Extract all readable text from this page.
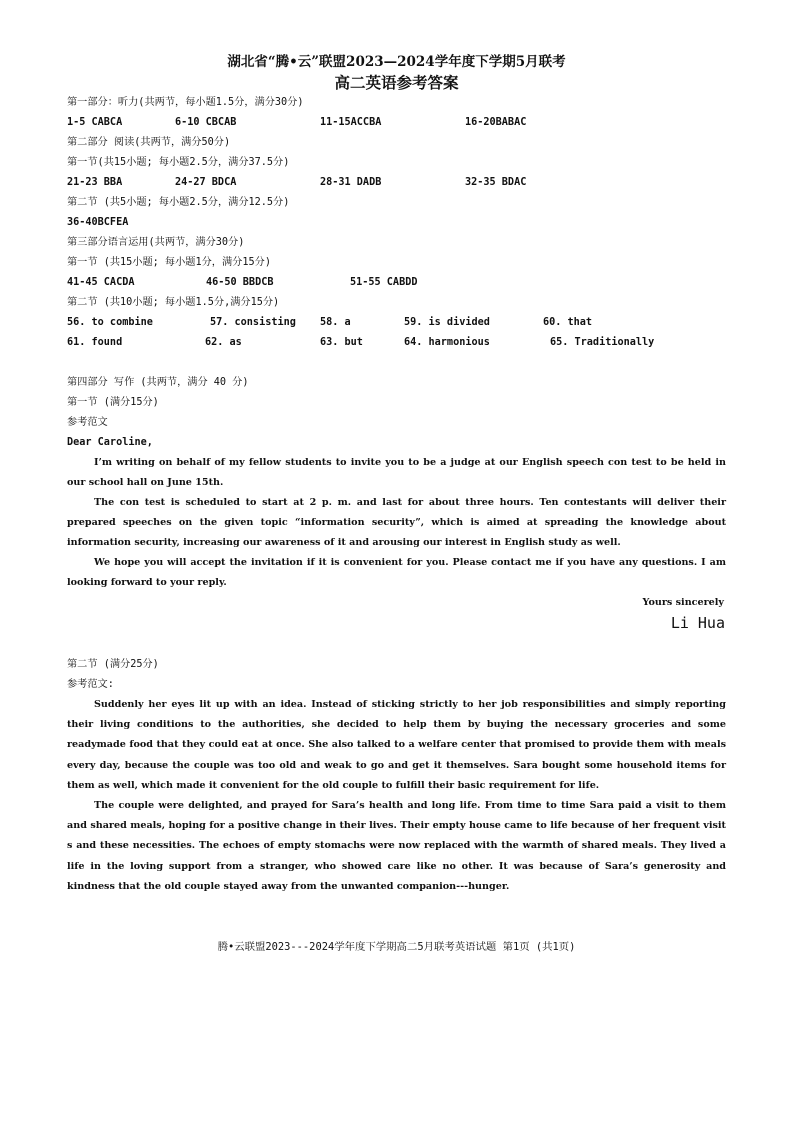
湖北省“腾•云”联盟2023—2024学年度下学期5月联考
高二英语参考答案
第一部分：听力(共两节，每小题1.5分，满分30分)
1-5 CABCA	6-10 CBCAB	11-15ACCBA	16-20BABAC
第二部分 阅读(共两节，满分50分)
第一节(共15小题; 每小题2.5分，满分37.5分)
21-23 BBA	24-27 BDCA	28-31 DADB	32-35 BDAC
第二节 (共5小题; 每小题2.5分，满分12.5分)
36-40BCFEA
第三部分语言运用(共两节，满分30分)
第一节 (共15小题; 每小题1分，满分15分)
41-45 CACDA	46-50 BBDCB	51-55 CABDD
第二节 (共10小题; 每小题1.5分,满分15分)
56. to combine	57. consisting 58. a	59. is divided	60. that
61. found	62. as	63. but	64. harmonious	65. Traditionally
第四部分 写作 (共两节，满分 40 分)
第一节 (满分15分)
参考范文
Dear Caroline,

I’m writing on behalf of my fellow students to invite you to be a judge at our English speech con test to be held in our school hall on June 15th.

The con test is scheduled to start at 2 p. m. and last for about three hours. Ten contestants will deliver their prepared speeches on the given topic “information security”, which is aimed at spreading the knowledge about information security, increasing our awareness of it and arousing our interest in English study as well.

We hope you will accept the invitation if it is convenient for you. Please contact me if you have any questions. I am looking forward to your reply.

Yours sincerely
Li Hua
第二节 (满分25分)
参考范文:

Suddenly her eyes lit up with an idea. Instead of sticking strictly to her job responsibilities and simply reporting their living conditions to the authorities, she decided to help them by buying the necessary groceries and some readymade food that they could eat at once. She also talked to a welfare center that promised to provide them with meals every day, because the couple was too old and weak to go and get it themselves. Sara bought some household items for them as well, which made it convenient for the old couple to fulfill their basic requirement for life.

The couple were delighted, and prayed for Sara’s health and long life. From time to time Sara paid a visit to them and shared meals, hoping for a positive change in their lives. Their empty house came to life because of her frequent visit s and these necessities. The echoes of empty stomachs were now replaced with the warmth of shared meals. They lived a life in the loving support from a stranger, who showed care like no other. It was because of Sara’s generosity and kindness that the old couple stayed away from the unwanted companion---hunger.

腾•云联盟2023---2024学年度下学期高二5月联考英语试题 第1页 (共1页)
